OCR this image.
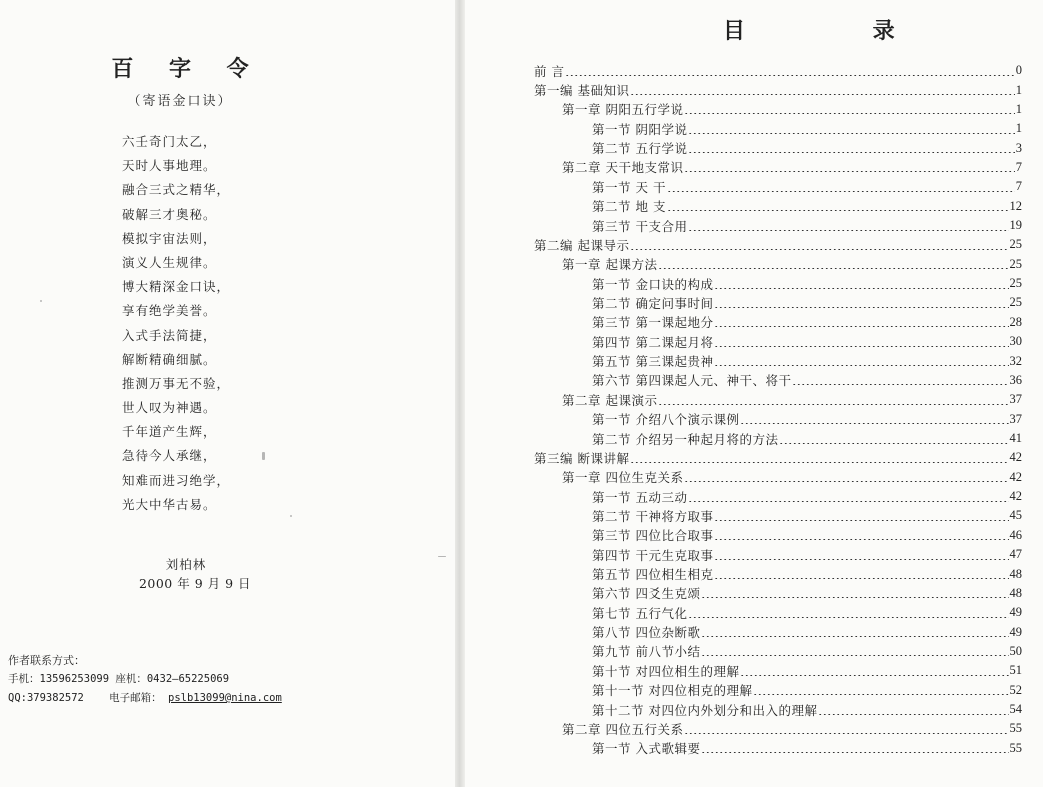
百 字 令
（寄语金口诀）
六壬奇门太乙，
天时人事地理。
融合三式之精华，
破解三才奥秘。
模拟宇宙法则，
演义人生规律。
博大精深金口诀，
享有绝学美誉。
入式手法简捷，
解断精确细腻。
推测万事无不验，
世人叹为神遇。
千年道产生辉，
急待今人承继，
知难而进习绝学，
光大中华古易。
刘柏林
2000 年 9 月 9 日
作者联系方式：
手机：13596253099 座机：0432—65225069
QQ:379382572 电子邮箱： pslb13099@nina.com
目 录
前 言	0
第一编 基础知识	1
第一章 阴阳五行学说	1
第一节 阴阳学说	1
第二节 五行学说	3
第二章 天干地支常识	7
第一节 天 干	7
第二节 地 支	12
第三节 干支合用	19
第二编 起课导示	25
第一章 起课方法	25
第一节 金口诀的构成	25
第二节 确定问事时间	25
第三节 第一课起地分	28
第四节 第二课起月将	30
第五节 第三课起贵神	32
第六节 第四课起人元、神干、将干	36
第二章 起课演示	37
第一节 介绍八个演示课例	37
第二节 介绍另一种起月将的方法	41
第三编 断课讲解	42
第一章 四位生克关系	42
第一节 五动三动	42
第二节 干神将方取事	45
第三节 四位比合取事	46
第四节 干元生克取事	47
第五节 四位相生相克	48
第六节 四爻生克颂	48
第七节 五行气化	49
第八节 四位杂断歌	49
第九节 前八节小结	50
第十节 对四位相生的理解	51
第十一节 对四位相克的理解	52
第十二节 对四位内外划分和出入的理解	54
第二章 四位五行关系	55
第一节 入式歌辑要	55
